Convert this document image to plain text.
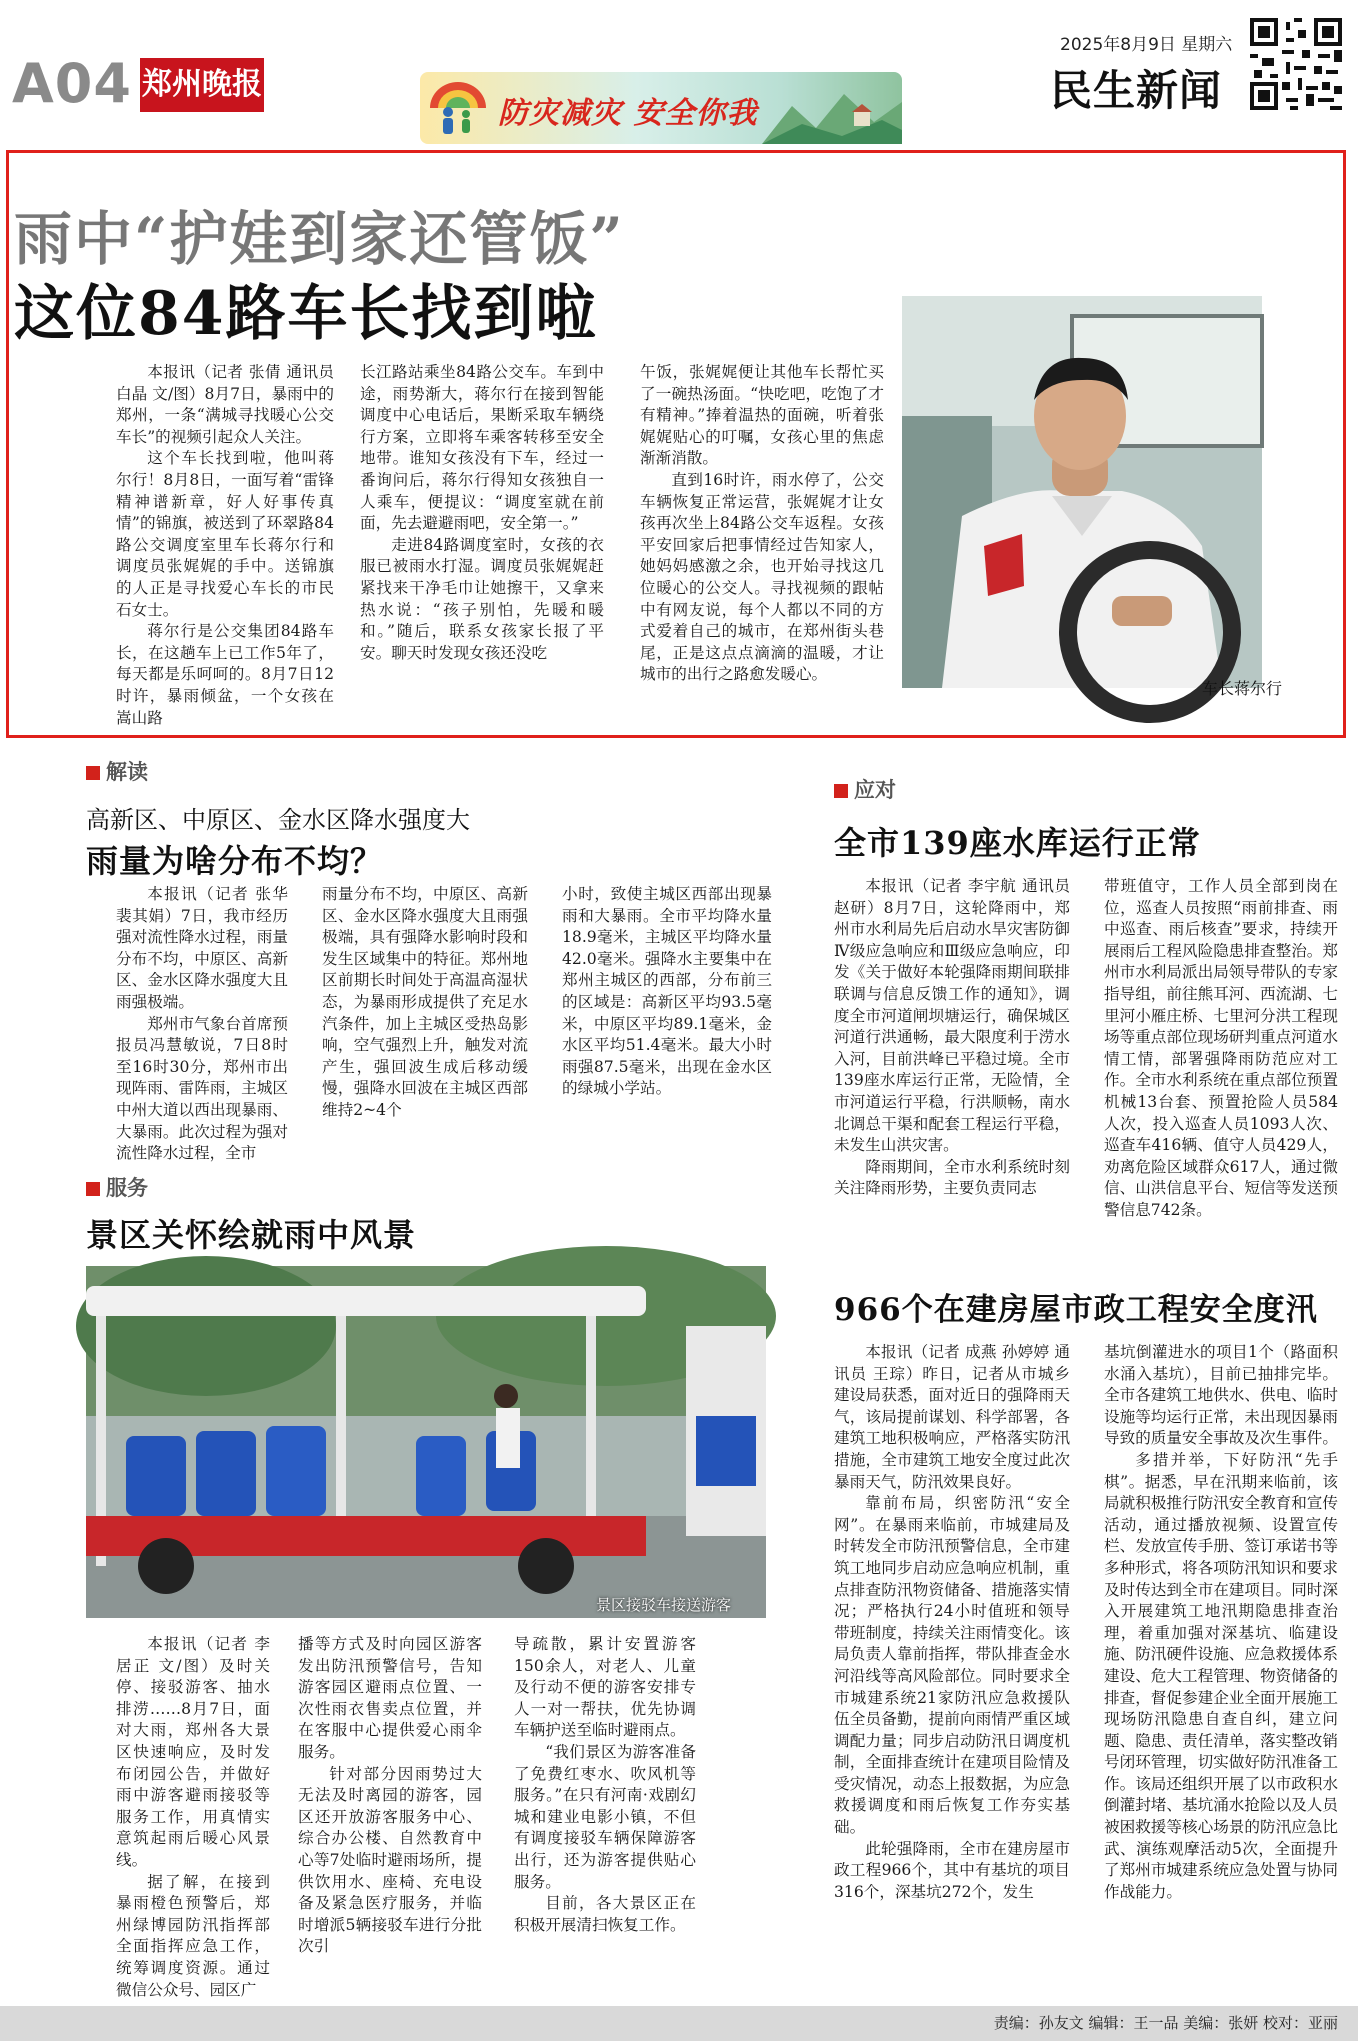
A04 郑州晚报
防灾减灾 安全你我
2025年8月9日 星期六
民生新闻
雨中“护娃到家还管饭”
这位84路车长找到啦

本报讯（记者 张倩 通讯员 白晶 文/图）8月7日，暴雨中的郑州，一条“满城寻找暖心公交车长”的视频引起众人关注。

这个车长找到啦，他叫蒋尔行！8月8日，一面写着“雷锋精神谱新章，好人好事传真情”的锦旗，被送到了环翠路84路公交调度室里车长蒋尔行和调度员张娓娓的手中。送锦旗的人正是寻找爱心车长的市民石女士。

蒋尔行是公交集团84路车长，在这趟车上已工作5年了，每天都是乐呵呵的。8月7日12时许，暴雨倾盆，一个女孩在嵩山路

长江路站乘坐84路公交车。车到中途，雨势渐大，蒋尔行在接到智能调度中心电话后，果断采取车辆绕行方案，立即将车乘客转移至安全地带。谁知女孩没有下车，经过一番询问后，蒋尔行得知女孩独自一人乘车，便提议：“调度室就在前面，先去避避雨吧，安全第一。”

走进84路调度室时，女孩的衣服已被雨水打湿。调度员张娓娓赶紧找来干净毛巾让她擦干，又拿来热水说：“孩子别怕，先暖和暖和。”随后，联系女孩家长报了平安。聊天时发现女孩还没吃

午饭，张娓娓便让其他车长帮忙买了一碗热汤面。“快吃吧，吃饱了才有精神。”捧着温热的面碗，听着张娓娓贴心的叮嘱，女孩心里的焦虑渐渐消散。

直到16时许，雨水停了，公交车辆恢复正常运营，张娓娓才让女孩再次坐上84路公交车返程。女孩平安回家后把事情经过告知家人，她妈妈感激之余，也开始寻找这几位暖心的公交人。寻找视频的跟帖中有网友说，每个人都以不同的方式爱着自己的城市，在郑州街头巷尾，正是这点点滴滴的温暖，才让城市的出行之路愈发暖心。

车长蒋尔行
解读
高新区、中原区、金水区降水强度大
雨量为啥分布不均？

本报讯（记者 张华 裴其娟）7日，我市经历强对流性降水过程，雨量分布不均，中原区、高新区、金水区降水强度大且雨强极端。

郑州市气象台首席预报员冯慧敏说，7日8时至16时30分，郑州市出现阵雨、雷阵雨，主城区中州大道以西出现暴雨、大暴雨。此次过程为强对流性降水过程，全市

雨量分布不均，中原区、高新区、金水区降水强度大且雨强极端，具有强降水影响时段和发生区域集中的特征。郑州地区前期长时间处于高温高湿状态，为暴雨形成提供了充足水汽条件，加上主城区受热岛影响，空气强烈上升，触发对流产生，强回波生成后移动缓慢，强降水回波在主城区西部维持2~4个

小时，致使主城区西部出现暴雨和大暴雨。全市平均降水量18.9毫米，主城区平均降水量42.0毫米。强降水主要集中在郑州主城区的西部，分布前三的区域是：高新区平均93.5毫米，中原区平均89.1毫米，金水区平均51.4毫米。最大小时雨强87.5毫米，出现在金水区的绿城小学站。

服务
景区关怀绘就雨中风景
景区接驳车接送游客

本报讯（记者 李居正 文/图）及时关停、接驳游客、抽水排涝……8月7日，面对大雨，郑州各大景区快速响应，及时发布闭园公告，并做好雨中游客避雨接驳等服务工作，用真情实意筑起雨后暖心风景线。

据了解，在接到暴雨橙色预警后，郑州绿博园防汛指挥部全面指挥应急工作，统筹调度资源。通过微信公众号、园区广

播等方式及时向园区游客发出防汛预警信号，告知游客园区避雨点位置、一次性雨衣售卖点位置，并在客服中心提供爱心雨伞服务。

针对部分因雨势过大无法及时离园的游客，园区还开放游客服务中心、综合办公楼、自然教育中心等7处临时避雨场所，提供饮用水、座椅、充电设备及紧急医疗服务，并临时增派5辆接驳车进行分批次引

导疏散，累计安置游客150余人，对老人、儿童及行动不便的游客安排专人一对一帮扶，优先协调车辆护送至临时避雨点。

“我们景区为游客准备了免费红枣水、吹风机等服务。”在只有河南·戏剧幻城和建业电影小镇，不但有调度接驳车辆保障游客出行，还为游客提供贴心服务。

目前，各大景区正在积极开展清扫恢复工作。

应对
全市139座水库运行正常

本报讯（记者 李宇航 通讯员 赵研）8月7日，这轮降雨中，郑州市水利局先后启动水旱灾害防御Ⅳ级应急响应和Ⅲ级应急响应，印发《关于做好本轮强降雨期间联排联调与信息反馈工作的通知》，调度全市河道闸坝塘运行，确保城区河道行洪通畅，最大限度利于涝水入河，目前洪峰已平稳过境。全市139座水库运行正常，无险情，全市河道运行平稳，行洪顺畅，南水北调总干渠和配套工程运行平稳，未发生山洪灾害。

降雨期间，全市水利系统时刻关注降雨形势，主要负责同志

带班值守，工作人员全部到岗在位，巡查人员按照“雨前排查、雨中巡查、雨后核查”要求，持续开展雨后工程风险隐患排查整治。郑州市水利局派出局领导带队的专家指导组，前往熊耳河、西流湖、七里河小雁庄桥、七里河分洪工程现场等重点部位现场研判重点河道水情工情，部署强降雨防范应对工作。全市水利系统在重点部位预置机械13台套、预置抢险人员584人次，投入巡查人员1093人次、巡查车416辆、值守人员429人，劝离危险区域群众617人，通过微信、山洪信息平台、短信等发送预警信息742条。

966个在建房屋市政工程安全度汛

本报讯（记者 成燕 孙婷婷 通讯员 王琮）昨日，记者从市城乡建设局获悉，面对近日的强降雨天气，该局提前谋划、科学部署，各建筑工地积极响应，严格落实防汛措施，全市建筑工地安全度过此次暴雨天气，防汛效果良好。

靠前布局，织密防汛“安全网”。在暴雨来临前，市城建局及时转发全市防汛预警信息，全市建筑工地同步启动应急响应机制，重点排查防汛物资储备、措施落实情况；严格执行24小时值班和领导带班制度，持续关注雨情变化。该局负责人靠前指挥，带队排查金水河沿线等高风险部位。同时要求全市城建系统21家防汛应急救援队伍全员备勤，提前向雨情严重区域调配力量；同步启动防汛日调度机制，全面排查统计在建项目险情及受灾情况，动态上报数据，为应急救援调度和雨后恢复工作夯实基础。

此轮强降雨，全市在建房屋市政工程966个，其中有基坑的项目316个，深基坑272个，发生

基坑倒灌进水的项目1个（路面积水涌入基坑），目前已抽排完毕。全市各建筑工地供水、供电、临时设施等均运行正常，未出现因暴雨导致的质量安全事故及次生事件。

多措并举，下好防汛“先手棋”。据悉，早在汛期来临前，该局就积极推行防汛安全教育和宣传活动，通过播放视频、设置宣传栏、发放宣传手册、签订承诺书等多种形式，将各项防汛知识和要求及时传达到全市在建项目。同时深入开展建筑工地汛期隐患排查治理，着重加强对深基坑、临建设施、防汛硬件设施、应急救援体系建设、危大工程管理、物资储备的排查，督促参建企业全面开展施工现场防汛隐患自查自纠，建立问题、隐患、责任清单，落实整改销号闭环管理，切实做好防汛准备工作。该局还组织开展了以市政积水倒灌封堵、基坑涌水抢险以及人员被困救援等核心场景的防汛应急比武、演练观摩活动5次，全面提升了郑州市城建系统应急处置与协同作战能力。

责编：孙友文 编辑：王一品 美编：张妍 校对：亚丽
